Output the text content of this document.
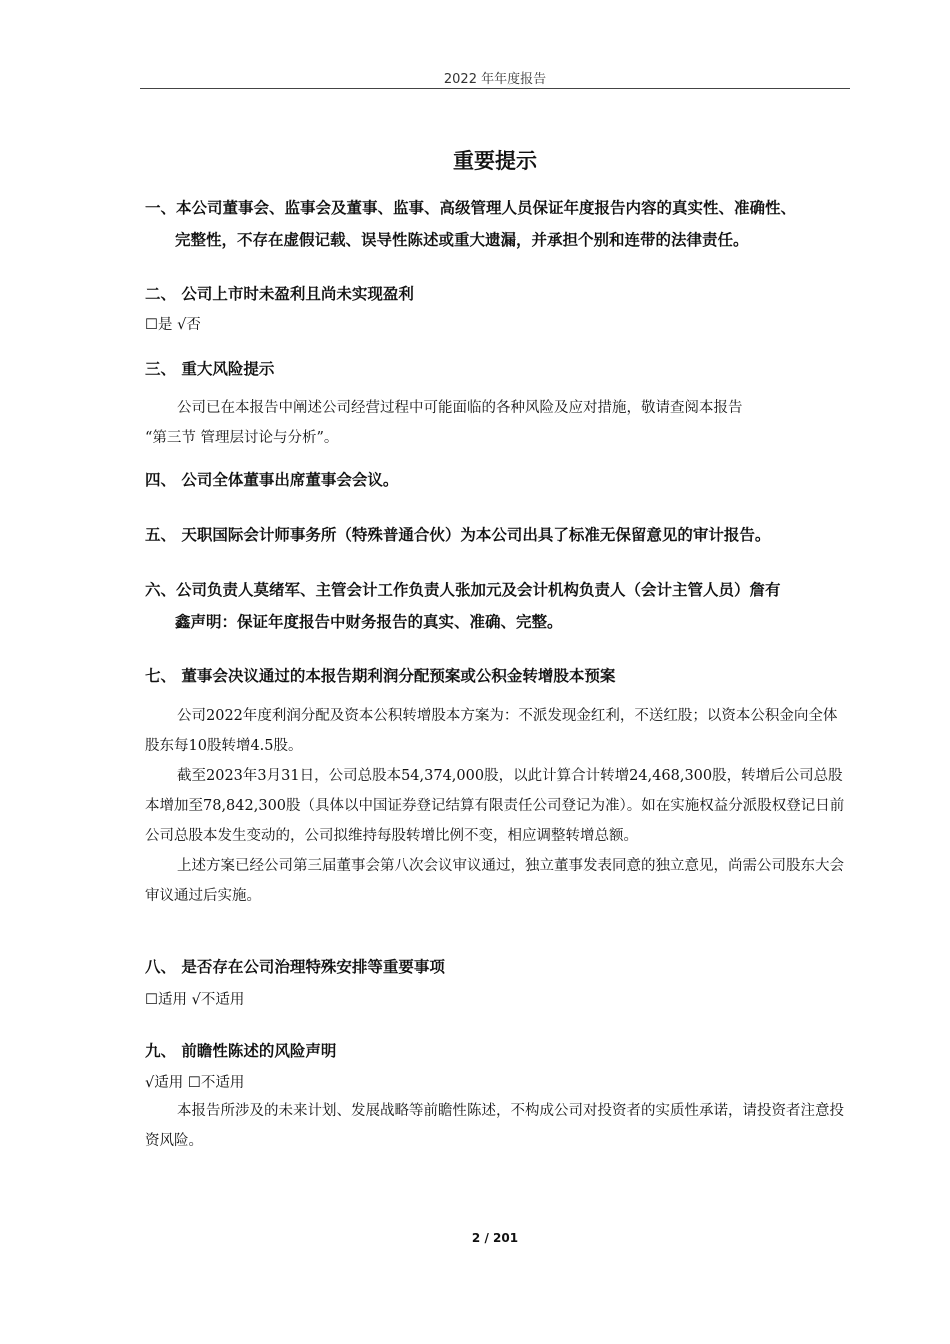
2022 年年度报告
重要提示

一、本公司董事会、监事会及董事、监事、高级管理人员保证年度报告内容的真实性、准确性、

完整性，不存在虚假记载、误导性陈述或重大遗漏，并承担个别和连带的法律责任。

二、 公司上市时未盈利且尚未实现盈利
☐是 √否
三、 重大风险提示

公司已在本报告中阐述公司经营过程中可能面临的各种风险及应对措施，敬请查阅本报告

“第三节 管理层讨论与分析”。

四、 公司全体董事出席董事会会议。
五、 天职国际会计师事务所（特殊普通合伙）为本公司出具了标准无保留意见的审计报告。

六、公司负责人莫绪军、主管会计工作负责人张加元及会计机构负责人（会计主管人员）詹有

鑫声明：保证年度报告中财务报告的真实、准确、完整。

七、 董事会决议通过的本报告期利润分配预案或公积金转增股本预案

公司2022年度利润分配及资本公积转增股本方案为：不派发现金红利，不送红股；以资本公积金向全体股东每10股转增4.5股。

截至2023年3月31日，公司总股本54,374,000股，以此计算合计转增24,468,300股，转增后公司总股本增加至78,842,300股（具体以中国证券登记结算有限责任公司登记为准）。如在实施权益分派股权登记日前公司总股本发生变动的，公司拟维持每股转增比例不变，相应调整转增总额。

上述方案已经公司第三届董事会第八次会议审议通过，独立董事发表同意的独立意见，尚需公司股东大会审议通过后实施。

八、 是否存在公司治理特殊安排等重要事项
☐适用 √不适用
九、 前瞻性陈述的风险声明
√适用 ☐不适用

本报告所涉及的未来计划、发展战略等前瞻性陈述，不构成公司对投资者的实质性承诺，请投资者注意投资风险。

2 / 201
